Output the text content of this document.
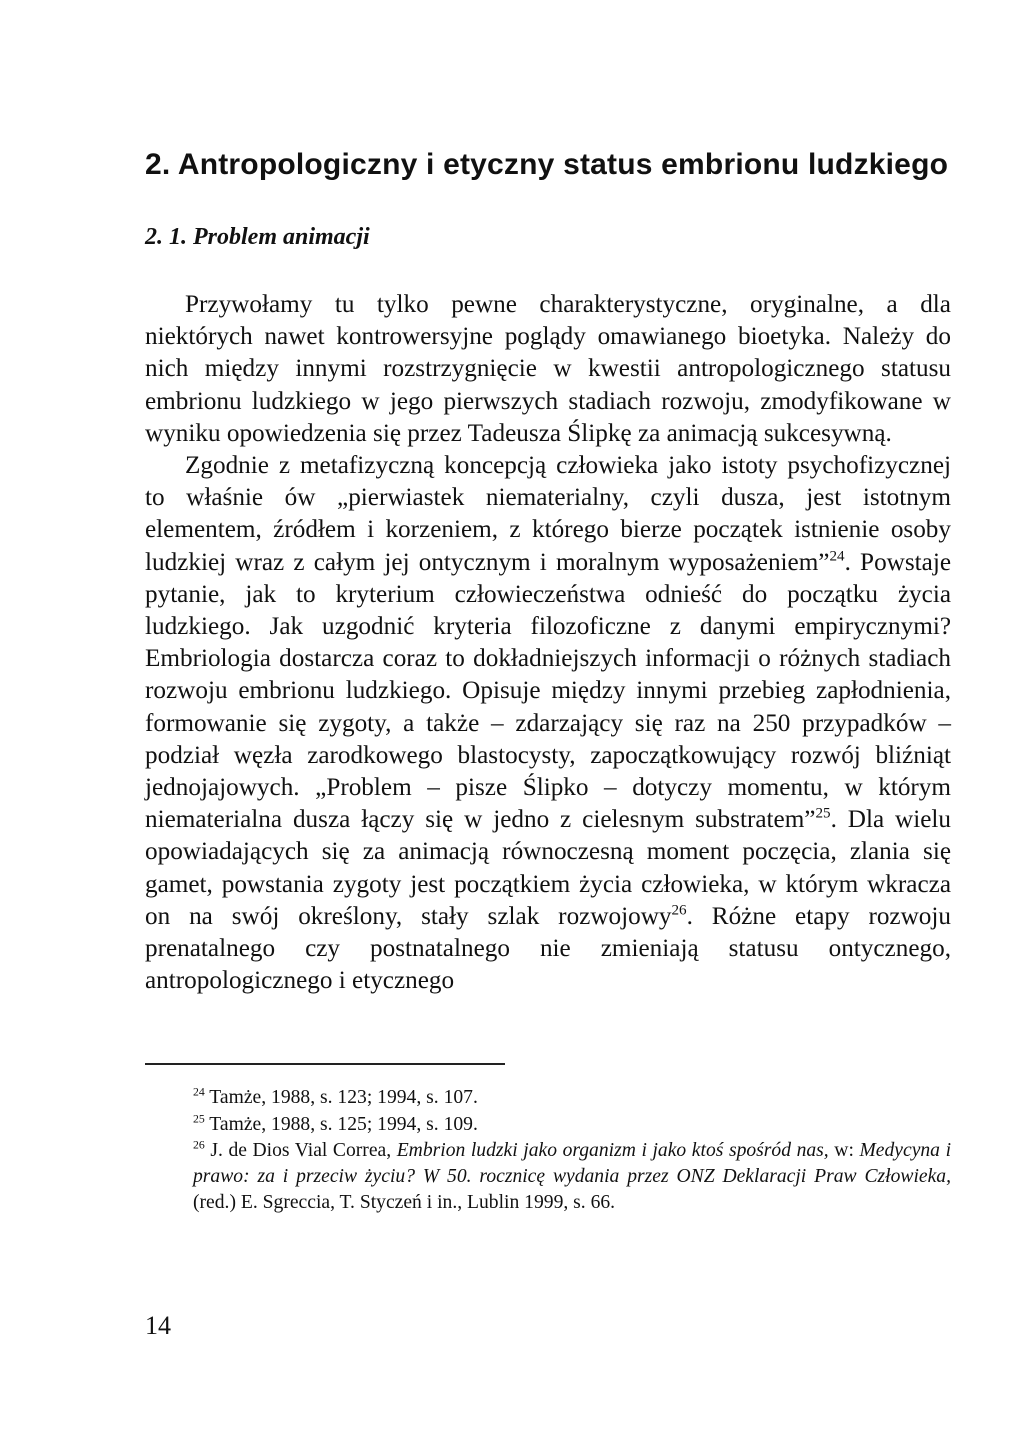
2. Antropologiczny i etyczny status embrionu ludzkiego
2. 1. Problem animacji

Przywołamy tu tylko pewne charakterystyczne, oryginalne, a dla niektórych nawet kontrowersyjne poglądy omawianego bioetyka. Należy do nich między innymi rozstrzygnięcie w kwestii antropologicznego statusu embrionu ludzkiego w jego pierwszych stadiach rozwoju, zmodyfikowane w wyniku opowiedzenia się przez Tadeusza Ślipkę za animacją sukcesywną.

Zgodnie z metafizyczną koncepcją człowieka jako istoty psychofizycznej to właśnie ów „pierwiastek niematerialny, czyli dusza, jest istotnym elementem, źródłem i korzeniem, z którego bierze początek istnienie osoby ludzkiej wraz z całym jej ontycznym i moralnym wyposażeniem”$^{24}$. Powstaje pytanie, jak to kryterium człowieczeństwa odnieść do początku życia ludzkiego. Jak uzgodnić kryteria filozoficzne z danymi empirycznymi? Embriologia dostarcza coraz to dokładniejszych informacji o różnych stadiach rozwoju embrionu ludzkiego. Opisuje między innymi przebieg zapłodnienia, formowanie się zygoty, a także – zdarzający się raz na 250 przypadków – podział węzła zarodkowego blastocysty, zapoczątkowujący rozwój bliźniąt jednojajowych. „Problem – pisze Ślipko – dotyczy momentu, w którym niematerialna dusza łączy się w jedno z cielesnym substratem”$^{25}$. Dla wielu opowiadających się za animacją równoczesną moment poczęcia, zlania się gamet, powstania zygoty jest początkiem życia człowieka, w którym wkracza on na swój określony, stały szlak rozwojowy$^{26}$. Różne etapy rozwoju prenatalnego czy postnatalnego nie zmieniają statusu ontycznego, antropologicznego i etycznego

$^{24}$ Tamże, 1988, s. 123; 1994, s. 107.

$^{25}$ Tamże, 1988, s. 125; 1994, s. 109.

$^{26}$ J. de Dios Vial Correa, Embrion ludzki jako organizm i jako ktoś spośród nas, w: Medycyna i prawo: za i przeciw życiu? W 50. rocznicę wydania przez ONZ Deklaracji Praw Człowieka, (red.) E. Sgreccia, T. Styczeń i in., Lublin 1999, s. 66.

14
